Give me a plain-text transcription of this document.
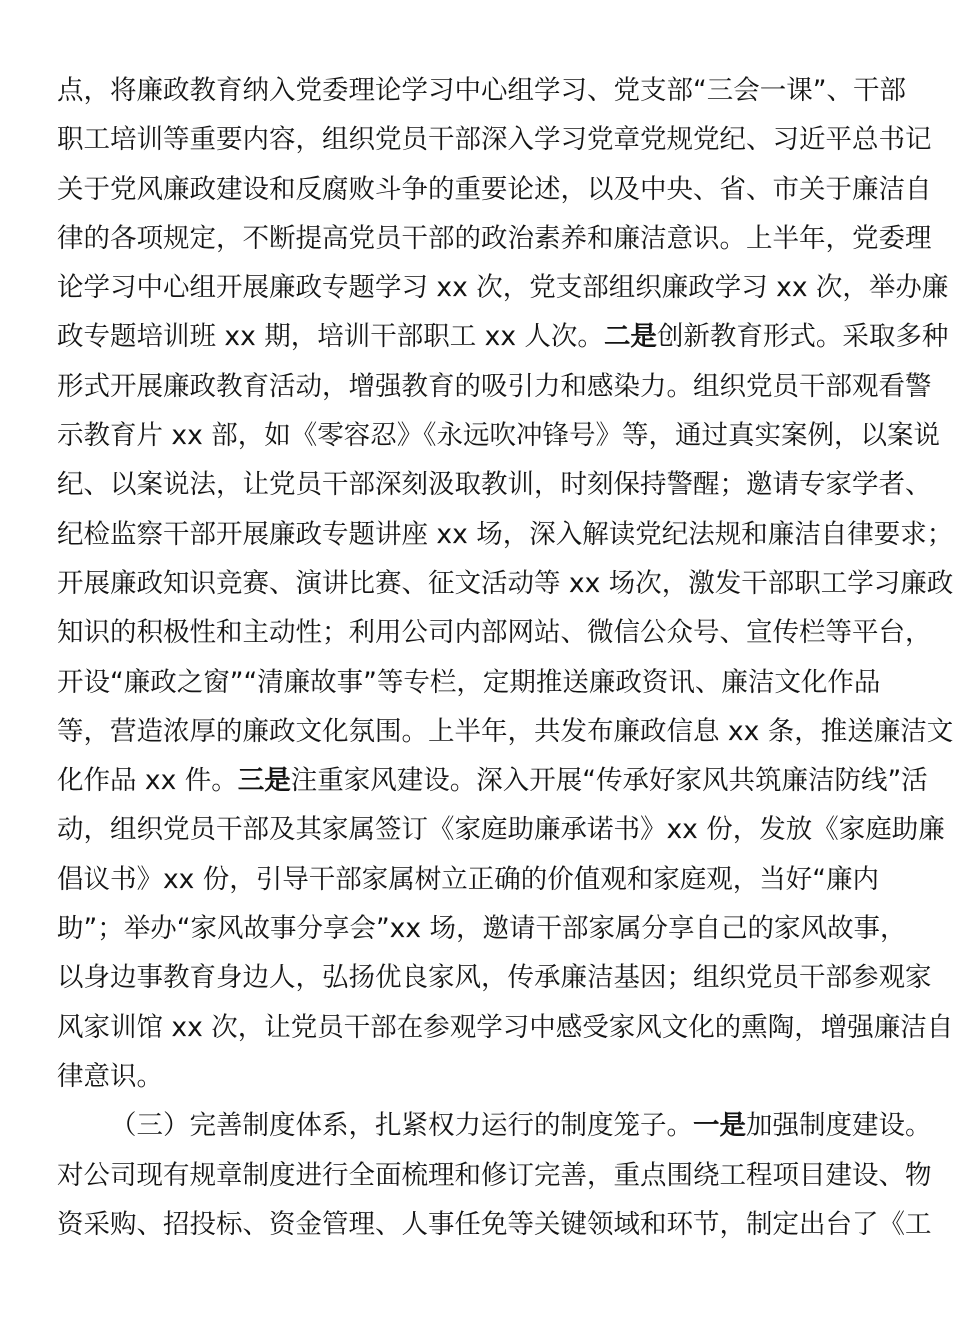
点，将廉政教育纳入党委理论学习中心组学习、党支部“三会一课”、干部
职工培训等重要内容，组织党员干部深入学习党章党规党纪、习近平总书记
关于党风廉政建设和反腐败斗争的重要论述，以及中央、省、市关于廉洁自
律的各项规定，不断提高党员干部的政治素养和廉洁意识。上半年，党委理
论学习中心组开展廉政专题学习 xx 次，党支部组织廉政学习 xx 次，举办廉
政专题培训班 xx 期，培训干部职工 xx 人次。二是创新教育形式。采取多种
形式开展廉政教育活动，增强教育的吸引力和感染力。组织党员干部观看警
示教育片 xx 部，如《零容忍》《永远吹冲锋号》等，通过真实案例，以案说
纪、以案说法，让党员干部深刻汲取教训，时刻保持警醒；邀请专家学者、
纪检监察干部开展廉政专题讲座 xx 场，深入解读党纪法规和廉洁自律要求；
开展廉政知识竞赛、演讲比赛、征文活动等 xx 场次，激发干部职工学习廉政
知识的积极性和主动性；利用公司内部网站、微信公众号、宣传栏等平台，
开设“廉政之窗”“清廉故事”等专栏，定期推送廉政资讯、廉洁文化作品
等，营造浓厚的廉政文化氛围。上半年，共发布廉政信息 xx 条，推送廉洁文
化作品 xx 件。三是注重家风建设。深入开展“传承好家风共筑廉洁防线”活
动，组织党员干部及其家属签订《家庭助廉承诺书》xx 份，发放《家庭助廉
倡议书》xx 份，引导干部家属树立正确的价值观和家庭观，当好“廉内
助”；举办“家风故事分享会”xx 场，邀请干部家属分享自己的家风故事，
以身边事教育身边人，弘扬优良家风，传承廉洁基因；组织党员干部参观家
风家训馆 xx 次，让党员干部在参观学习中感受家风文化的熏陶，增强廉洁自
律意识。
（三）完善制度体系，扎紧权力运行的制度笼子。一是加强制度建设。
对公司现有规章制度进行全面梳理和修订完善，重点围绕工程项目建设、物
资采购、招投标、资金管理、人事任免等关键领域和环节，制定出台了《工
